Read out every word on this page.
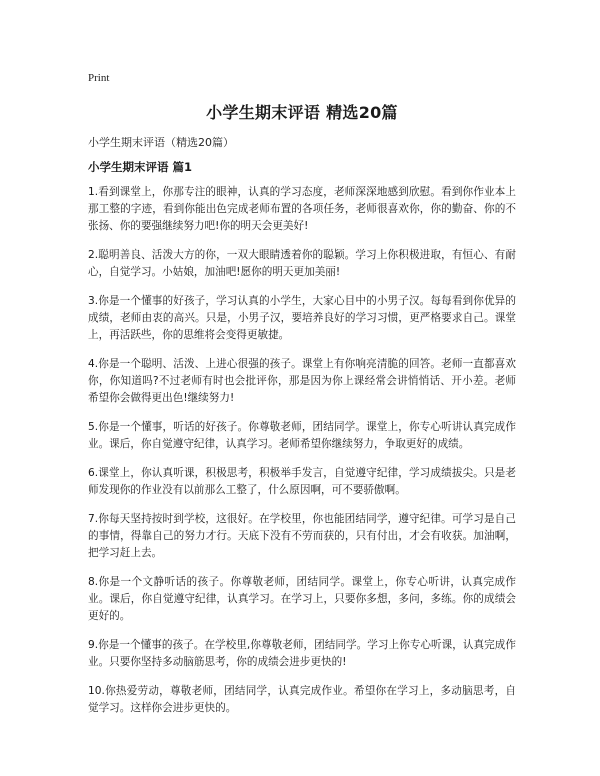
Print
小学生期末评语 精选20篇
小学生期末评语（精选20篇）
小学生期末评语 篇1

1.看到课堂上，你那专注的眼神，认真的学习态度，老师深深地感到欣慰。看到你作业本上那工整的字迹，看到你能出色完成老师布置的各项任务，老师很喜欢你，你的勤奋、你的不张扬、你的要强继续努力吧!你的明天会更美好!

2.聪明善良、活泼大方的你，一双大眼睛透着你的聪颖。学习上你积极进取，有恒心、有耐心，自觉学习。小姑娘，加油吧!愿你的明天更加美丽!

3.你是一个懂事的好孩子，学习认真的小学生，大家心目中的小男子汉。每每看到你优异的成绩，老师由衷的高兴。只是，小男子汉，要培养良好的学习习惯，更严格要求自己。课堂上，再活跃些，你的思维将会变得更敏捷。

4.你是一个聪明、活泼、上进心很强的孩子。课堂上有你响亮清脆的回答。老师一直都喜欢你，你知道吗?不过老师有时也会批评你，那是因为你上课经常会讲悄悄话、开小差。老师希望你会做得更出色!继续努力!

5.你是一个懂事，听话的好孩子。你尊敬老师，团结同学。课堂上，你专心听讲认真完成作业。课后，你自觉遵守纪律，认真学习。老师希望你继续努力，争取更好的成绩。

6.课堂上，你认真听课，积极思考，积极举手发言，自觉遵守纪律，学习成绩拔尖。只是老师发现你的作业没有以前那么工整了，什么原因啊，可不要骄傲啊。

7.你每天坚持按时到学校，这很好。在学校里，你也能团结同学，遵守纪律。可学习是自己的事情，得靠自己的努力才行。天底下没有不劳而获的，只有付出，才会有收获。加油啊，把学习赶上去。

8.你是一个文静听话的孩子。你尊敬老师，团结同学。课堂上，你专心听讲，认真完成作业。课后，你自觉遵守纪律，认真学习。在学习上，只要你多想，多问，多练。你的成绩会更好的。

9.你是一个懂事的孩子。在学校里,你尊敬老师，团结同学。学习上你专心听课，认真完成作业。只要你坚持多动脑筋思考，你的成绩会进步更快的!

10.你热爱劳动，尊敬老师，团结同学，认真完成作业。希望你在学习上，多动脑思考，自觉学习。这样你会进步更快的。
